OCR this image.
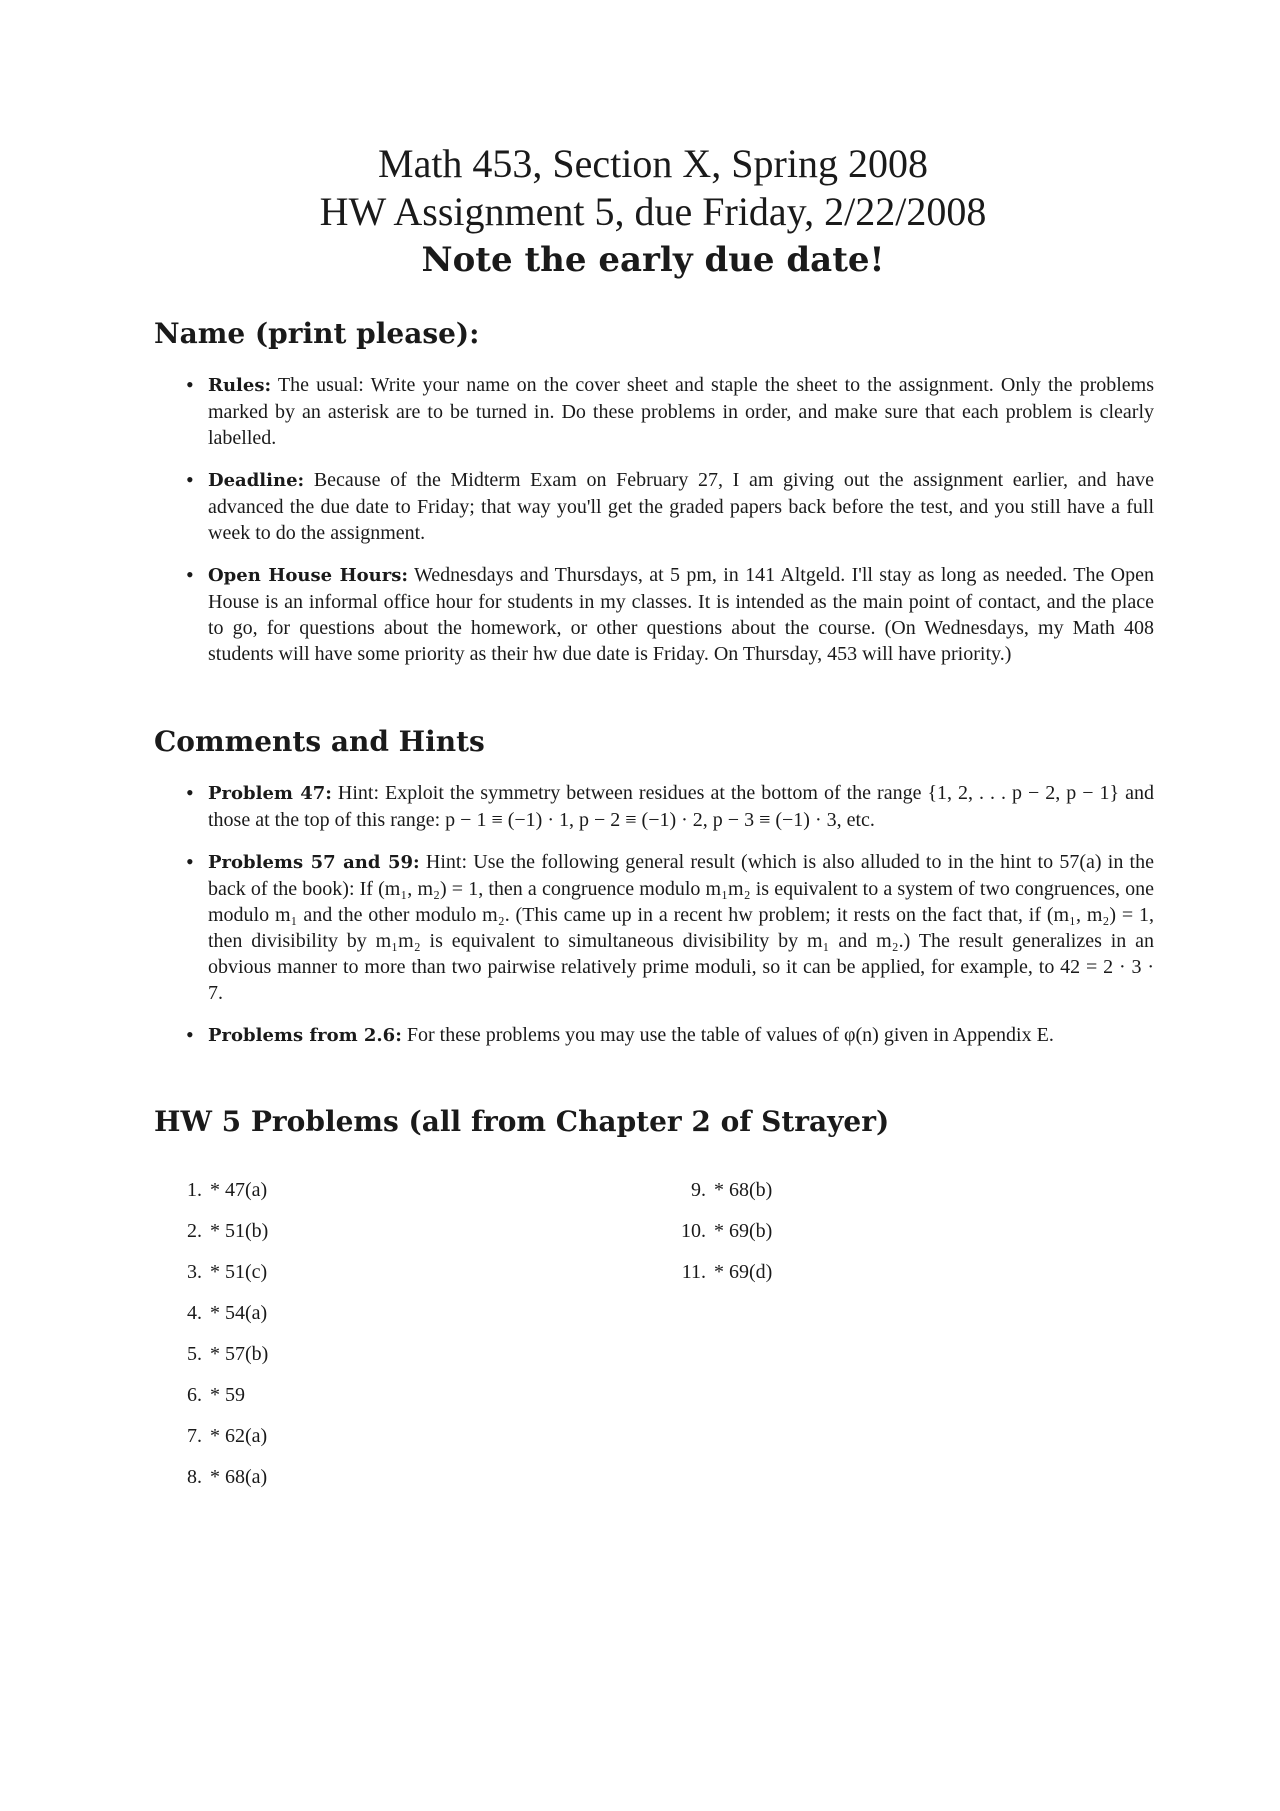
Math 453, Section X, Spring 2008
HW Assignment 5, due Friday, 2/22/2008
Note the early due date!
Name (print please):
• Rules: The usual: Write your name on the cover sheet and staple the sheet to the assignment. Only the problems marked by an asterisk are to be turned in. Do these problems in order, and make sure that each problem is clearly labelled.
• Deadline: Because of the Midterm Exam on February 27, I am giving out the assignment earlier, and have advanced the due date to Friday; that way you'll get the graded papers back before the test, and you still have a full week to do the assignment.
• Open House Hours: Wednesdays and Thursdays, at 5 pm, in 141 Altgeld. I'll stay as long as needed. The Open House is an informal office hour for students in my classes. It is intended as the main point of contact, and the place to go, for questions about the homework, or other questions about the course. (On Wednesdays, my Math 408 students will have some priority as their hw due date is Friday. On Thursday, 453 will have priority.)
Comments and Hints
• Problem 47: Hint: Exploit the symmetry between residues at the bottom of the range {1, 2, . . . p − 2, p − 1} and those at the top of this range: p − 1 ≡ (−1) · 1, p − 2 ≡ (−1) · 2, p − 3 ≡ (−1) · 3, etc.
• Problems 57 and 59: Hint: Use the following general result (which is also alluded to in the hint to 57(a) in the back of the book): If (m₁, m₂) = 1, then a congruence modulo m₁m₂ is equivalent to a system of two congruences, one modulo m₁ and the other modulo m₂. (This came up in a recent hw problem; it rests on the fact that, if (m₁, m₂) = 1, then divisibility by m₁m₂ is equivalent to simultaneous divisibility by m₁ and m₂.) The result generalizes in an obvious manner to more than two pairwise relatively prime moduli, so it can be applied, for example, to 42 = 2 · 3 · 7.
• Problems from 2.6: For these problems you may use the table of values of φ(n) given in Appendix E.
HW 5 Problems (all from Chapter 2 of Strayer)
1. * 47(a)
2. * 51(b)
3. * 51(c)
4. * 54(a)
5. * 57(b)
6. * 59
7. * 62(a)
8. * 68(a)
9. * 68(b)
10. * 69(b)
11. * 69(d)
